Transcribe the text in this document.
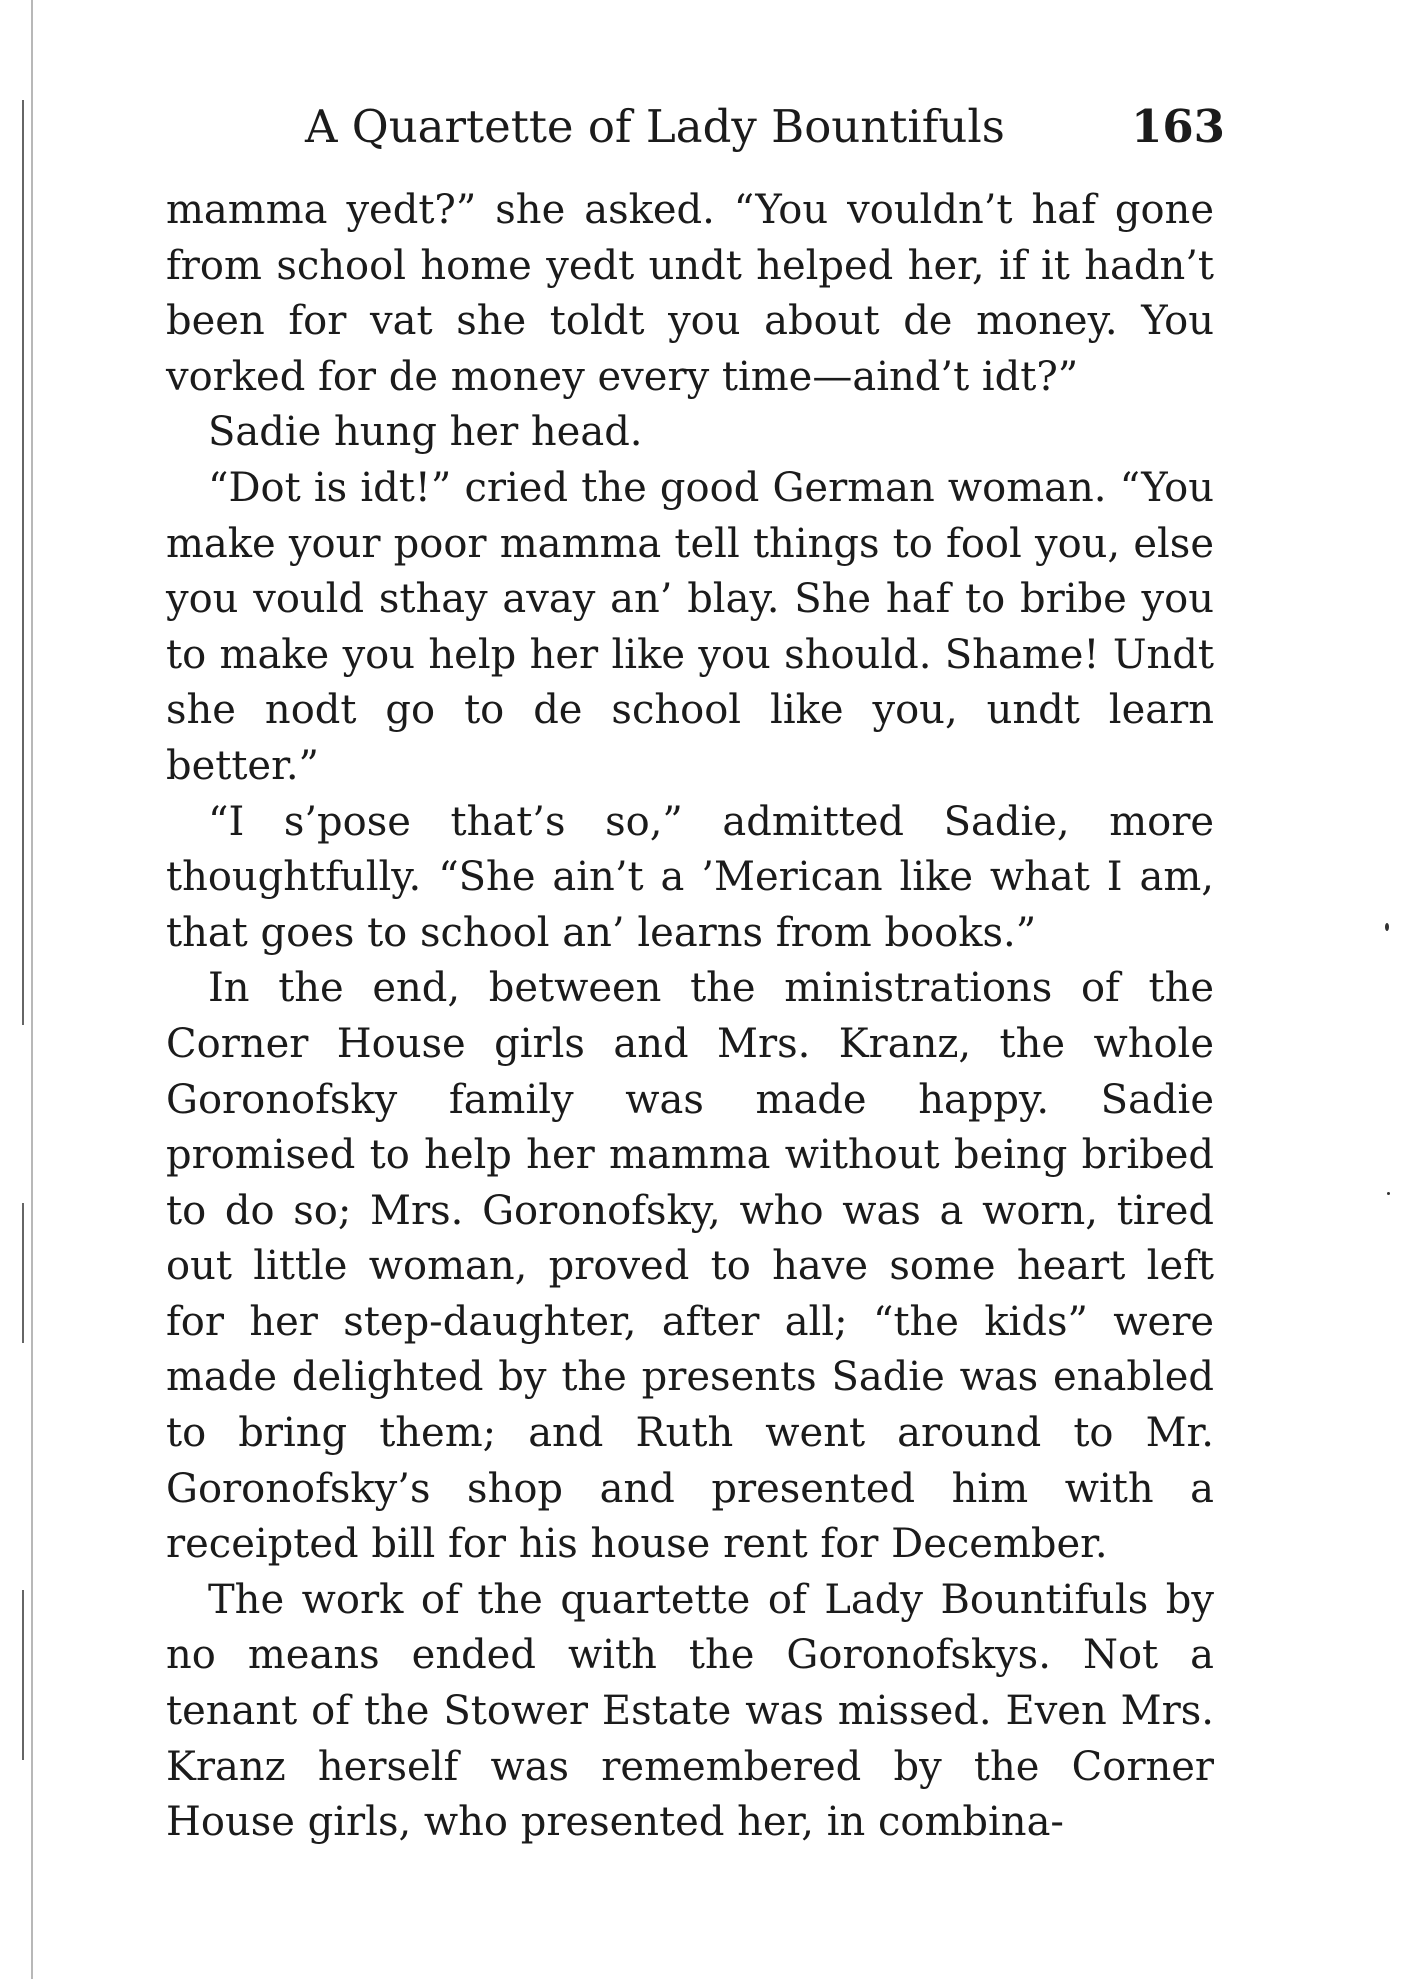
A Quartette of Lady Bountifuls	163

mamma yedt?” she asked. “You vouldn’t haf gone from school home yedt undt helped her, if it hadn’t been for vat she toldt you about de money. You vorked for de money every time—aind’t idt?”

Sadie hung her head.

“Dot is idt!” cried the good German woman. “You make your poor mamma tell things to fool you, else you vould sthay avay an’ blay. She haf to bribe you to make you help her like you should. Shame! Undt she nodt go to de school like you, undt learn better.”

“I s’pose that’s so,” admitted Sadie, more thoughtfully. “She ain’t a ’Merican like what I am, that goes to school an’ learns from books.”

In the end, between the ministrations of the Corner House girls and Mrs. Kranz, the whole Goronofsky family was made happy. Sadie promised to help her mamma without being bribed to do so; Mrs. Goronofsky, who was a worn, tired out little woman, proved to have some heart left for her step-daughter, after all; “the kids” were made delighted by the presents Sadie was enabled to bring them; and Ruth went around to Mr. Goronofsky’s shop and presented him with a receipted bill for his house rent for December.

The work of the quartette of Lady Bountifuls by no means ended with the Goronofskys. Not a tenant of the Stower Estate was missed. Even Mrs. Kranz herself was remembered by the Corner House girls, who presented her, in combina-
